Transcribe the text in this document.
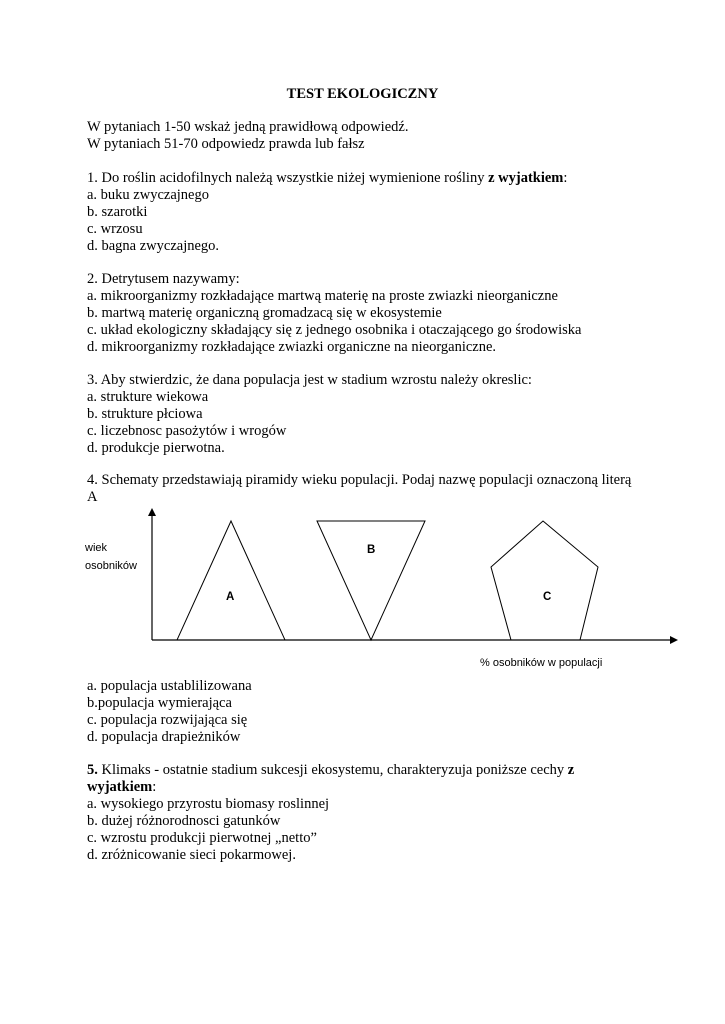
TEST EKOLOGICZNY
W pytaniach 1-50 wskaż jedną prawidłową odpowiedź.
W pytaniach 51-70 odpowiedz prawda lub fałsz
1. Do roślin acidofilnych należą wszystkie niżej wymienione rośliny z wyjatkiem:
a. buku zwyczajnego
b. szarotki
c. wrzosu
d. bagna zwyczajnego.
2. Detrytusem nazywamy:
a. mikroorganizmy rozkładające martwą materię na proste zwiazki nieorganiczne
b. martwą materię organiczną gromadzacą się w ekosystemie
c. układ ekologiczny składający się z jednego osobnika i otaczającego go środowiska
d. mikroorganizmy rozkładające zwiazki organiczne na nieorganiczne.
3. Aby stwierdzic, że dana populacja jest w stadium wzrostu należy okreslic:
a. strukture wiekowa
b. strukture płciowa
c. liczebnosc pasożytów i wrogów
d. produkcje pierwotna.
4. Schematy przedstawiają piramidy wieku populacji. Podaj nazwę populacji oznaczoną literą
A
wiek
osobników
% osobników w populacji
A
B
C
a. populacja ustablilizowana
b.populacja wymierająca
c. populacja rozwijająca się
d. populacja drapieżników
5. Klimaks - ostatnie stadium sukcesji ekosystemu, charakteryzuja poniższe cechy z
wyjatkiem:
a. wysokiego przyrostu biomasy roslinnej
b. dużej różnorodnosci gatunków
c. wzrostu produkcji pierwotnej „netto”
d. zróżnicowanie sieci pokarmowej.
